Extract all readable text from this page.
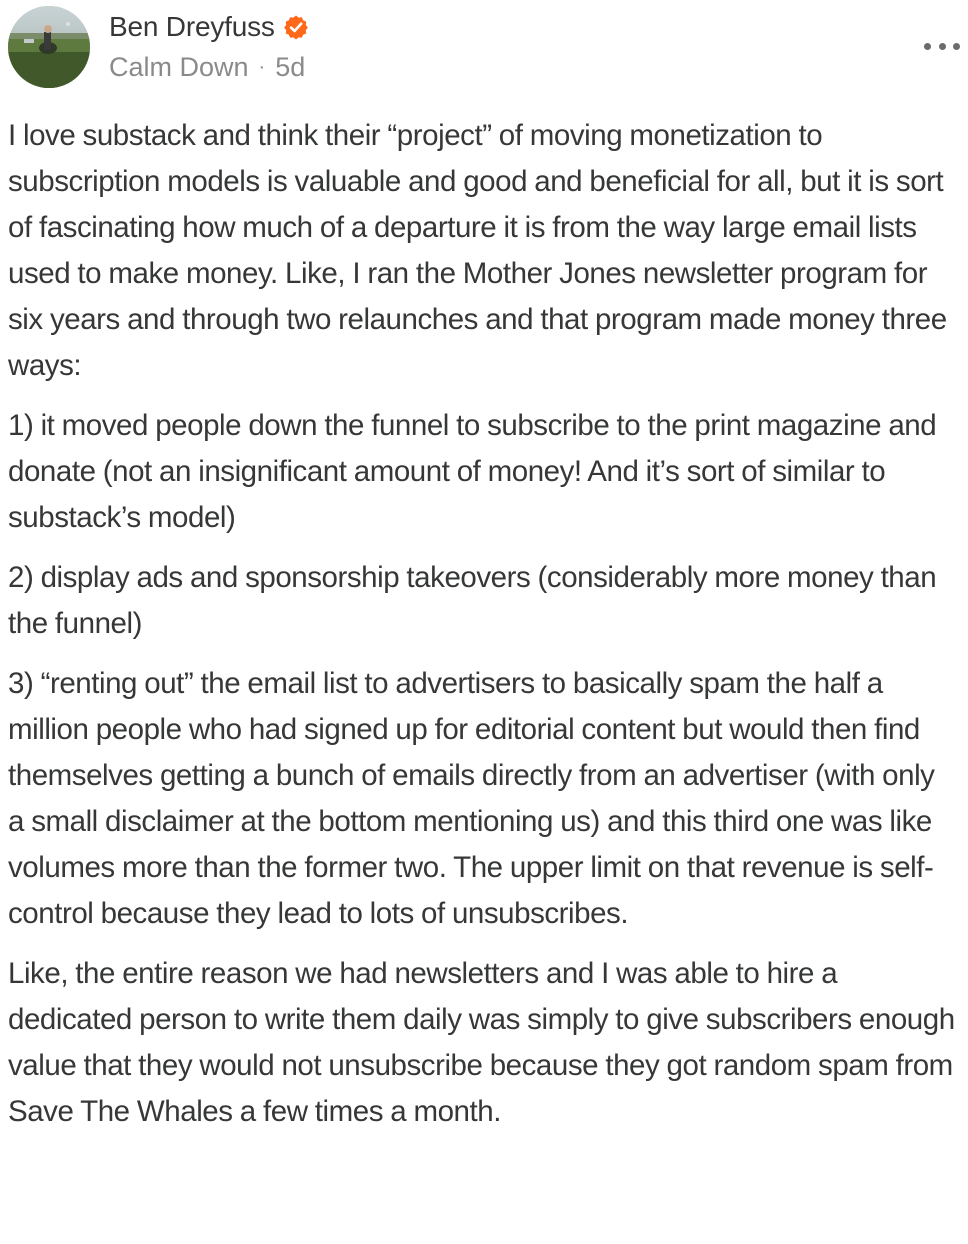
Ben Dreyfuss
Calm Down · 5d

I love substack and think their “project” of moving monetization to subscription models is valuable and good and beneficial for all, but it is sort of fascinating how much of a departure it is from the way large email lists used to make money. Like, I ran the Mother Jones newsletter program for six years and through two relaunches and that program made money three ways:

1) it moved people down the funnel to subscribe to the print magazine and donate (not an insignificant amount of money! And it’s sort of similar to substack’s model)

2) display ads and sponsorship takeovers (considerably more money than the funnel)

3) “renting out” the email list to advertisers to basically spam the half a million people who had signed up for editorial content but would then find themselves getting a bunch of emails directly from an advertiser (with only a small disclaimer at the bottom mentioning us) and this third one was like volumes more than the former two. The upper limit on that revenue is self-control because they lead to lots of unsubscribes.

Like, the entire reason we had newsletters and I was able to hire a dedicated person to write them daily was simply to give subscribers enough value that they would not unsubscribe because they got random spam from Save The Whales a few times a month.
